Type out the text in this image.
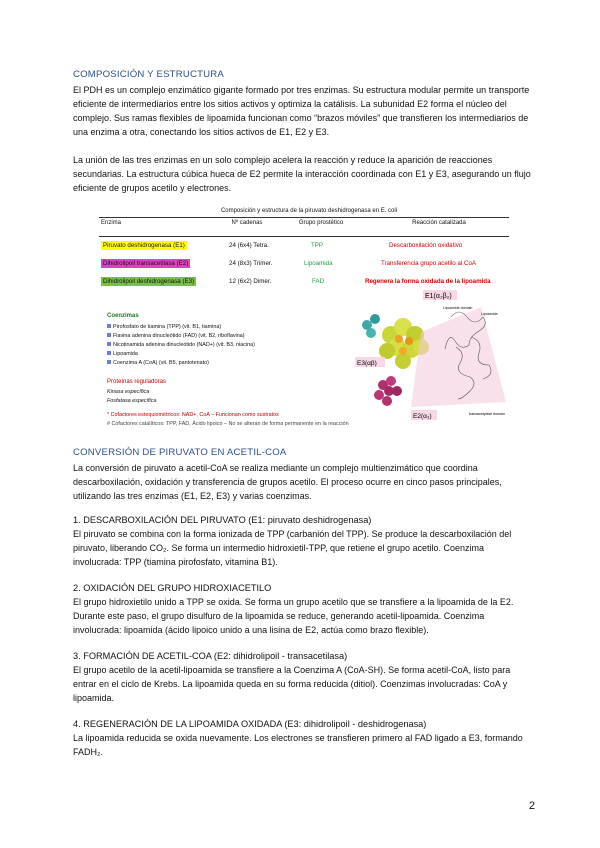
COMPOSICIÓN Y ESTRUCTURA

El PDH es un complejo enzimático gigante formado por tres enzimas. Su estructura modular permite un transporte eficiente de intermediarios entre los sitios activos y optimiza la catálisis. La subunidad E2 forma el núcleo del complejo. Sus ramas flexibles de lipoamida funcionan como “brazos móviles” que transfieren los intermediarios de una enzima a otra, conectando los sitios activos de E1, E2 y E3.

La unión de las tres enzimas en un solo complejo acelera la reacción y reduce la aparición de reacciones secundarias. La estructura cúbica hueca de E2 permite la interacción coordinada con E1 y E3, asegurando un flujo eficiente de grupos acetilo y electrones.

Composición y estructura de la piruvato deshidrogenasa en E. coli
Enzima	Nº cadenas	Grupo prostético	Reacción catalizada
Piruvato deshidrogenasa (E1)	24 (6x4) Tetra.	TPP	Descarboxilación oxidativo
Dihidrolipoil transacetilasa (E2)	24 (8x3) Trimer.	Lipoamida	Transferencia grupo acetilo al CoA
Dihidrolipoil deshidrogenasa (E3)	12 (6x2) Dimer.	FAD	Regenera la forma oxidada de la lipoamida
Coenzimas
Pirofosfato de tiamina (TPP) (vit. B1, tiamina)
Flavina adenina dinucleótido (FAD) (vit. B2, riboflavina)
Nicotinamida adenina dinucleótido (NAD+) (vit. B3, niacina)
Lipoamida
Coenzima A (CoA) (vit. B5, pantotenato)
Proteínas reguladoras
Kinasa específica
Fosfatasa específica
E1(α₂β₂)
E3(αβ)
E2(α₃)
Lipoamide domain
Lipoamide
transacetylase domain
* Cofactores estequiométricos: NAD+, CoA – Funcionan como sustratos
# Cofactores catalíticos: TPP, FAD, Ácido lipoico – No se alteran de forma permanente en la reacción
CONVERSIÓN DE PIRUVATO EN ACETIL-COA

La conversión de piruvato a acetil-CoA se realiza mediante un complejo multienzimático que coordina descarboxilación, oxidación y transferencia de grupos acetilo. El proceso ocurre en cinco pasos principales, utilizando las tres enzimas (E1, E2, E3) y varias coenzimas.

1. DESCARBOXILACIÓN DEL PIRUVATO (E1: piruvato deshidrogenasa)

El piruvato se combina con la forma ionizada de TPP (carbanión del TPP). Se produce la descarboxilación del piruvato, liberando CO₂. Se forma un intermedio hidroxietil-TPP, que retiene el grupo acetilo. Coenzima involucrada: TPP (tiamina pirofosfato, vitamina B1).

2. OXIDACIÓN DEL GRUPO HIDROXIACETILO

El grupo hidroxietilo unido a TPP se oxida. Se forma un grupo acetilo que se transfiere a la lipoamida de la E2. Durante este paso, el grupo disulfuro de la lipoamida se reduce, generando acetil-lipoamida. Coenzima involucrada: lipoamida (ácido lipoico unido a una lisina de E2, actúa como brazo flexible).

3. FORMACIÓN DE ACETIL-COA (E2: dihidrolipoil - transacetilasa)

El grupo acetilo de la acetil-lipoamida se transfiere a la Coenzima A (CoA-SH). Se forma acetil-CoA, listo para entrar en el ciclo de Krebs. La lipoamida queda en su forma reducida (ditiol). Coenzimas involucradas: CoA y lipoamida.

4. REGENERACIÓN DE LA LIPOAMIDA OXIDADA (E3: dihidrolipoil - deshidrogenasa)

La lipoamida reducida se oxida nuevamente. Los electrones se transfieren primero al FAD ligado a E3, formando FADH₂.

2
